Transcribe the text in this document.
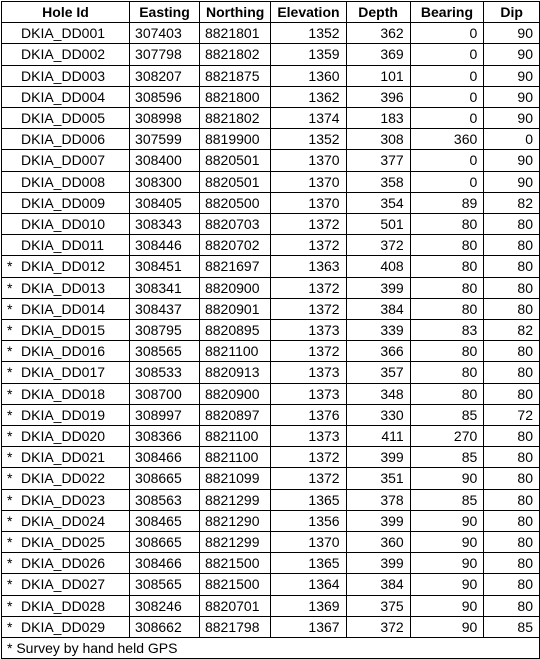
Hole Id	Easting	Northing	Elevation	Depth	Bearing	Dip
DKIA_DD001	307403	8821801	1352	362	0	90
DKIA_DD002	307798	8821802	1359	369	0	90
DKIA_DD003	308207	8821875	1360	101	0	90
DKIA_DD004	308596	8821800	1362	396	0	90
DKIA_DD005	308998	8821802	1374	183	0	90
DKIA_DD006	307599	8819900	1352	308	360	0
DKIA_DD007	308400	8820501	1370	377	0	90
DKIA_DD008	308300	8820501	1370	358	0	90
DKIA_DD009	308405	8820500	1370	354	89	82
DKIA_DD010	308343	8820703	1372	501	80	80
DKIA_DD011	308446	8820702	1372	372	80	80
* DKIA_DD012	308451	8821697	1363	408	80	80
* DKIA_DD013	308341	8820900	1372	399	80	80
* DKIA_DD014	308437	8820901	1372	384	80	80
* DKIA_DD015	308795	8820895	1373	339	83	82
* DKIA_DD016	308565	8821100	1372	366	80	80
* DKIA_DD017	308533	8820913	1373	357	80	80
* DKIA_DD018	308700	8820900	1373	348	80	80
* DKIA_DD019	308997	8820897	1376	330	85	72
* DKIA_DD020	308366	8821100	1373	411	270	80
* DKIA_DD021	308466	8821100	1372	399	85	80
* DKIA_DD022	308665	8821099	1372	351	90	80
* DKIA_DD023	308563	8821299	1365	378	85	80
* DKIA_DD024	308465	8821290	1356	399	90	80
* DKIA_DD025	308665	8821299	1370	360	90	80
* DKIA_DD026	308466	8821500	1365	399	90	80
* DKIA_DD027	308565	8821500	1364	384	90	80
* DKIA_DD028	308246	8820701	1369	375	90	80
* DKIA_DD029	308662	8821798	1367	372	90	85
* Survey by hand held GPS						
